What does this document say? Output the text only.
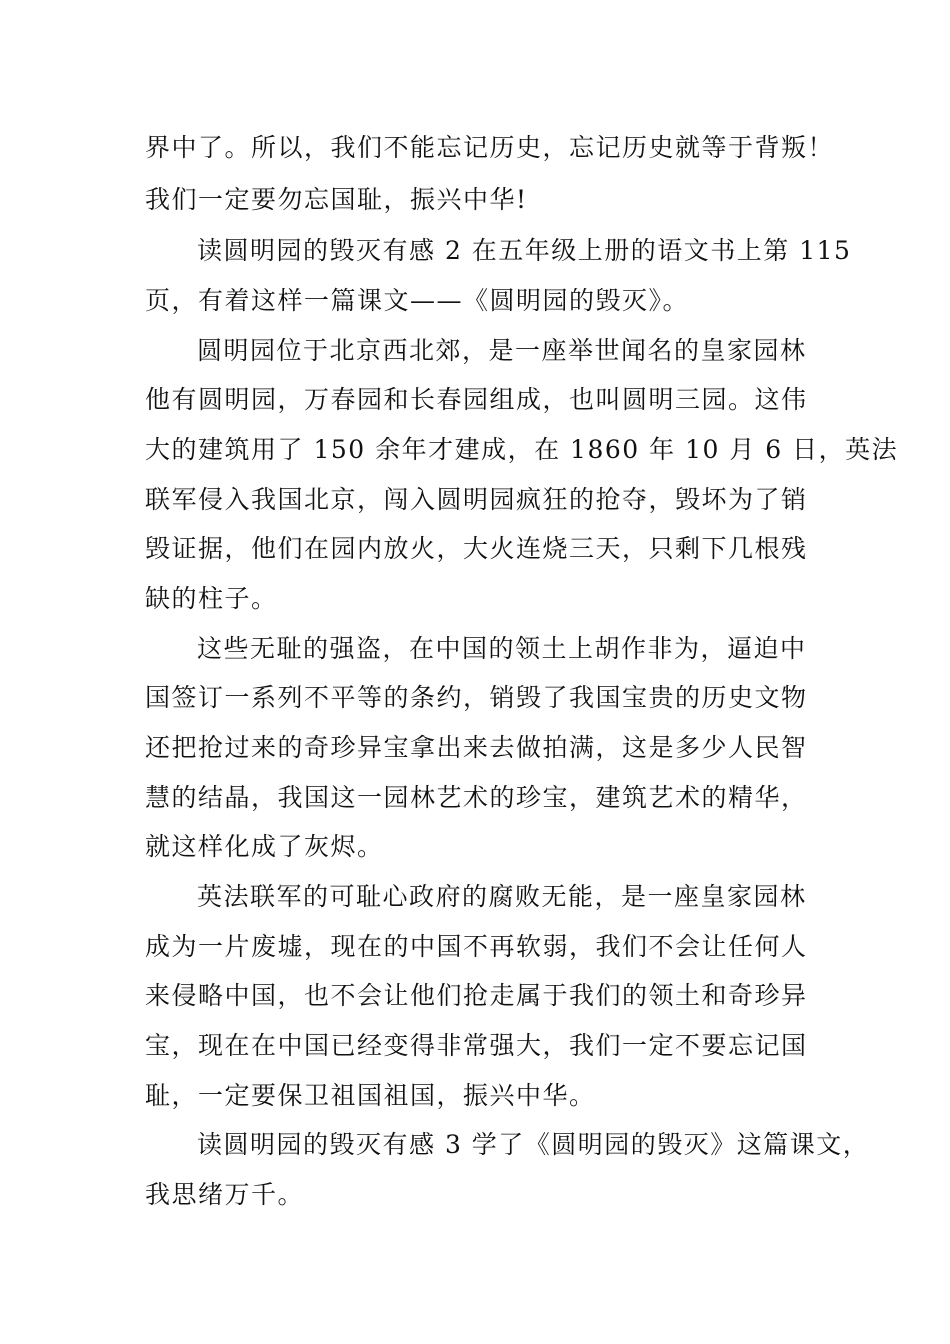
界中了。所以，我们不能忘记历史，忘记历史就等于背叛！
我们一定要勿忘国耻，振兴中华!
读圆明园的毁灭有感 2 在五年级上册的语文书上第 115
页，有着这样一篇课文——《圆明园的毁灭》。
圆明园位于北京西北郊，是一座举世闻名的皇家园林
他有圆明园，万春园和长春园组成，也叫圆明三园。这伟
大的建筑用了 150 余年才建成，在 1860 年 10 月 6 日，英法
联军侵入我国北京，闯入圆明园疯狂的抢夺，毁坏为了销
毁证据，他们在园内放火，大火连烧三天，只剩下几根残
缺的柱子。
这些无耻的强盗，在中国的领土上胡作非为，逼迫中
国签订一系列不平等的条约，销毁了我国宝贵的历史文物
还把抢过来的奇珍异宝拿出来去做拍满，这是多少人民智
慧的结晶，我国这一园林艺术的珍宝，建筑艺术的精华，
就这样化成了灰烬。
英法联军的可耻心政府的腐败无能，是一座皇家园林
成为一片废墟，现在的中国不再软弱，我们不会让任何人
来侵略中国，也不会让他们抢走属于我们的领土和奇珍异
宝，现在在中国已经变得非常强大，我们一定不要忘记国
耻，一定要保卫祖国祖国，振兴中华。
读圆明园的毁灭有感 3 学了《圆明园的毁灭》这篇课文，
我思绪万千。
